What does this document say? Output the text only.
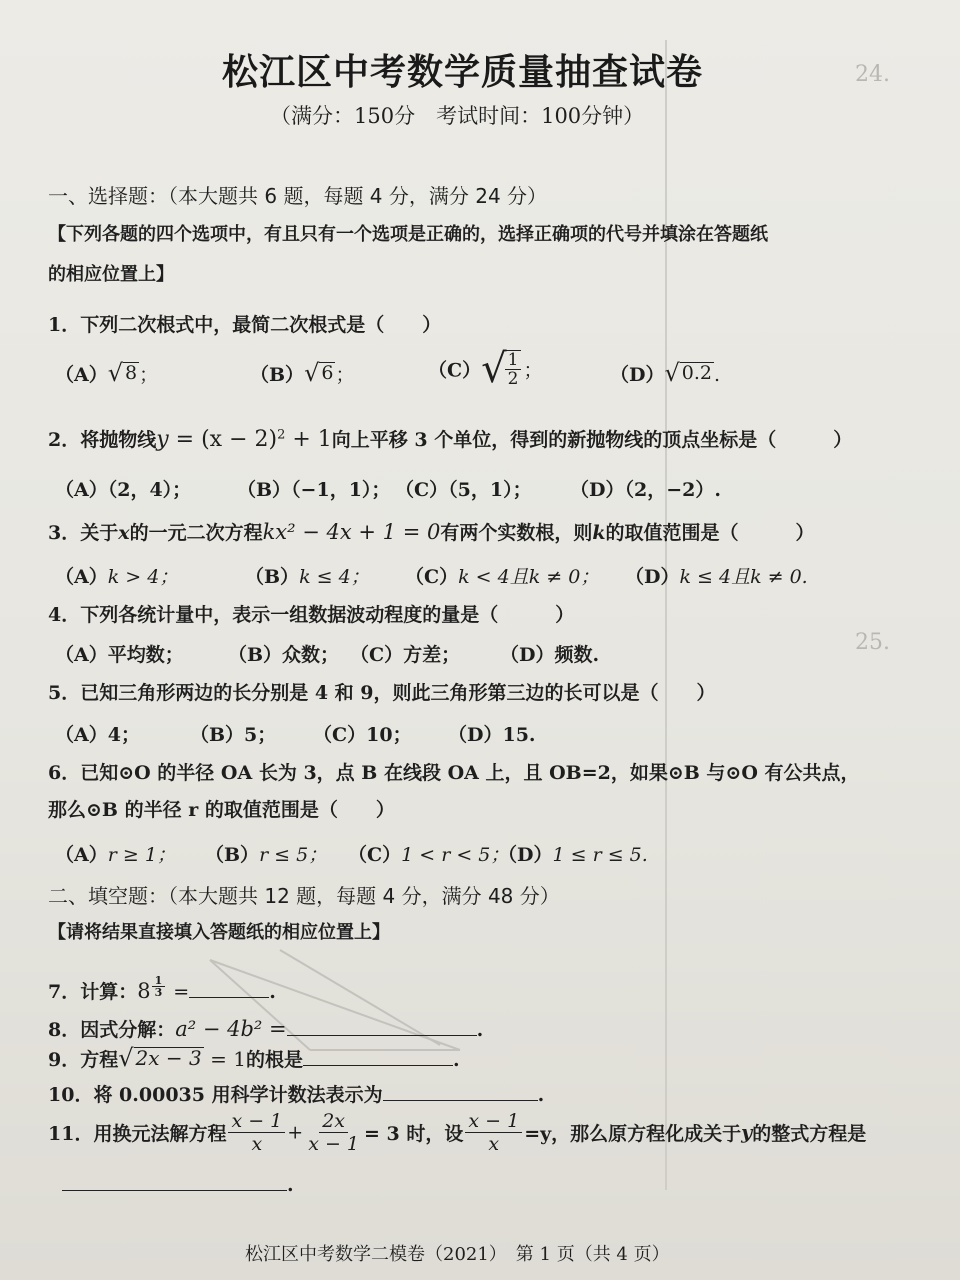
24.
25.
松江区中考数学质量抽查试卷
（满分：150分　考试时间：100分钟）
一、选择题：（本大题共 6 题，每题 4 分，满分 24 分）
【下列各题的四个选项中，有且只有一个选项是正确的，选择正确项的代号并填涂在答题纸
的相应位置上】
1．下列二次根式中，最简二次根式是（　　）
（A） √ 8 ；	（B） √ 6 ；	（C）√
$\frac{1}{2}$ ；	（D） √ 0.2 .
2．将抛物线$y = (x - 2)^2 + 1$向上平移 3 个单位，得到的新抛物线的顶点坐标是（　　　）
（A）（2，4）； （B）（−1，1）； （C）（5，1）； （D）（2，−2）.
3．关于x的一元二次方程kx² − 4x + 1 = 0有两个实数根，则k的取值范围是（　　　）
（A）k > 4；	（B）k ≤ 4； （C）k < 4且k ≠ 0； （D）k ≤ 4且k ≠ 0.
4．下列各统计量中，表示一组数据波动程度的量是（　　　）
（A）平均数； （B）众数； （C）方差； （D）频数.
5．已知三角形两边的长分别是 4 和 9，则此三角形第三边的长可以是（　　）
（A）4；	（B）5； （C）10； （D）15.
6．已知⊙O 的半径 OA 长为 3，点 B 在线段 OA 上，且 OB=2，如果⊙B 与⊙O 有公共点，
那么⊙B 的半径 r 的取值范围是（　　）
（A）r ≥ 1； （B）r ≤ 5； （C）1 < r < 5；
（D）1 ≤ r ≤ 5.
二、填空题：（本大题共 12 题，每题 4 分，满分 48 分）
【请将结果直接填入答题纸的相应位置上】
7．计算：$8 \frac{1}{3}$ =	.
8．因式分解：a² − 4b² =	.
9．方程 √ 2x − 3 = 1的根是	.
10．将 0.00035 用科学计数法表示为	.
11．用换元法解方程 $\frac{x - 1}{x} + \frac{2x}{x - 1} = 3$ 时，设 $\frac{x - 1}{x} =y$，那么原方程化成关于y的整式方程是
.
松江区中考数学二模卷（2021）　第 1 页（共 4 页）
